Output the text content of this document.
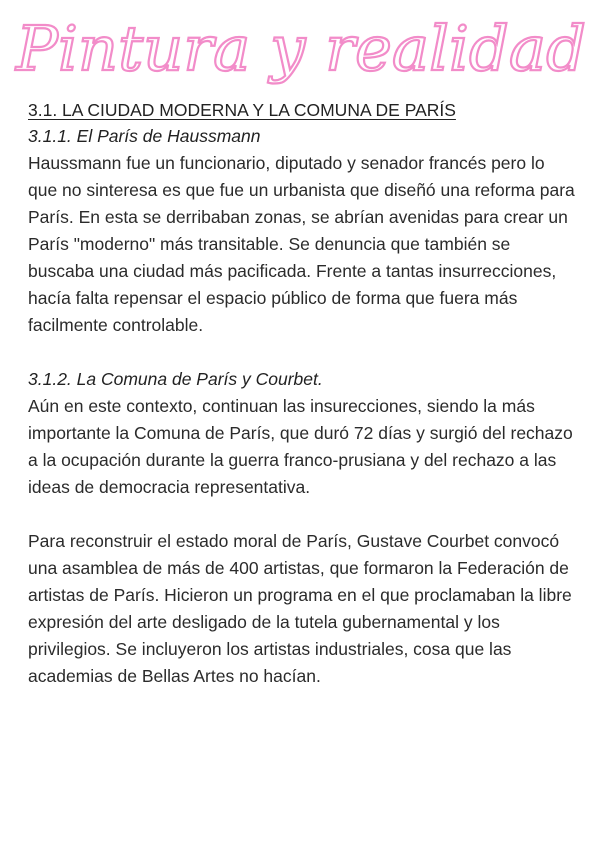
Pintura y realidad
3.1. LA CIUDAD MODERNA Y LA COMUNA DE PARÍS
3.1.1. El París de Haussmann

Haussmann fue un funcionario, diputado y senador francés pero lo que no sinteresa es que fue un urbanista que diseñó una reforma para París. En esta se derribaban zonas, se abrían avenidas para crear un París "moderno" más transitable. Se denuncia que también se buscaba una ciudad más pacificada. Frente a tantas insurrecciones, hacía falta repensar el espacio público de forma que fuera más facilmente controlable.

3.1.2. La Comuna de París y Courbet.

Aún en este contexto, continuan las insurecciones, siendo la más importante la Comuna de París, que duró 72 días y surgió del rechazo a la ocupación durante la guerra franco-prusiana y del rechazo a las ideas de democracia representativa.

Para reconstruir el estado moral de París, Gustave Courbet convocó una asamblea de más de 400 artistas, que formaron la Federación de artistas de París. Hicieron un programa en el que proclamaban la libre expresión del arte desligado de la tutela gubernamental y los privilegios. Se incluyeron los artistas industriales, cosa que las academias de Bellas Artes no hacían.
